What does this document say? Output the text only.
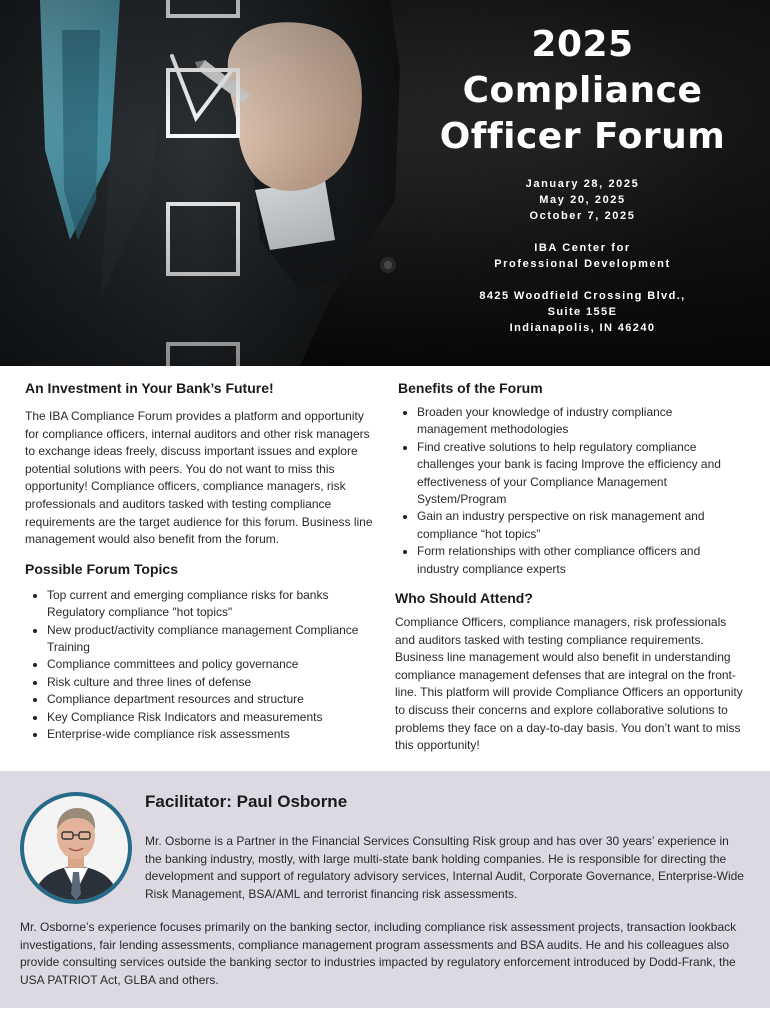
2025
Compliance
Officer Forum
January 28, 2025
May 20, 2025
October 7, 2025
IBA Center for
Professional Development
8425 Woodfield Crossing Blvd.,
Suite 155E
Indianapolis, IN 46240
An Investment in Your Bank’s Future!

The IBA Compliance Forum provides a platform and opportunity for compliance officers, internal auditors and other risk managers to exchange ideas freely, discuss important issues and explore potential solutions with peers. You do not want to miss this opportunity! Compliance officers, compliance managers, risk professionals and auditors tasked with testing compliance requirements are the target audience for this forum. Business line management would also benefit from the forum.

Possible Forum Topics
Top current and emerging compliance risks for banks Regulatory compliance "hot topics"
New product/activity compliance management Compliance Training
Compliance committees and policy governance
Risk culture and three lines of defense
Compliance department resources and structure
Key Compliance Risk Indicators and measurements
Enterprise-wide compliance risk assessments
Benefits of the Forum
Broaden your knowledge of industry compliance management methodologies
Find creative solutions to help regulatory compliance challenges your bank is facing Improve the efficiency and effectiveness of your Compliance Management System/Program
Gain an industry perspective on risk management and compliance “hot topics”
Form relationships with other compliance officers and industry compliance experts
Who Should Attend?

Compliance Officers, compliance managers, risk professionals and auditors tasked with testing compliance requirements. Business line management would also benefit in understanding compliance management defenses that are integral on the front-line. This platform will provide Compliance Officers an opportunity to discuss their concerns and explore collaborative solutions to problems they face on a day-to-day basis. You don’t want to miss this opportunity!

Facilitator: Paul Osborne

Mr. Osborne is a Partner in the Financial Services Consulting Risk group and has over 30 years’ experience in the banking industry, mostly, with large multi-state bank holding companies. He is responsible for directing the development and support of regulatory advisory services, Internal Audit, Corporate Governance, Enterprise-Wide Risk Management, BSA/AML and terrorist financing risk assessments.

Mr. Osborne’s experience focuses primarily on the banking sector, including compliance risk assessment projects, transaction lookback investigations, fair lending assessments, compliance management program assessments and BSA audits. He and his colleagues also provide consulting services outside the banking sector to industries impacted by regulatory enforcement introduced by Dodd-Frank, the USA PATRIOT Act, GLBA and others.
